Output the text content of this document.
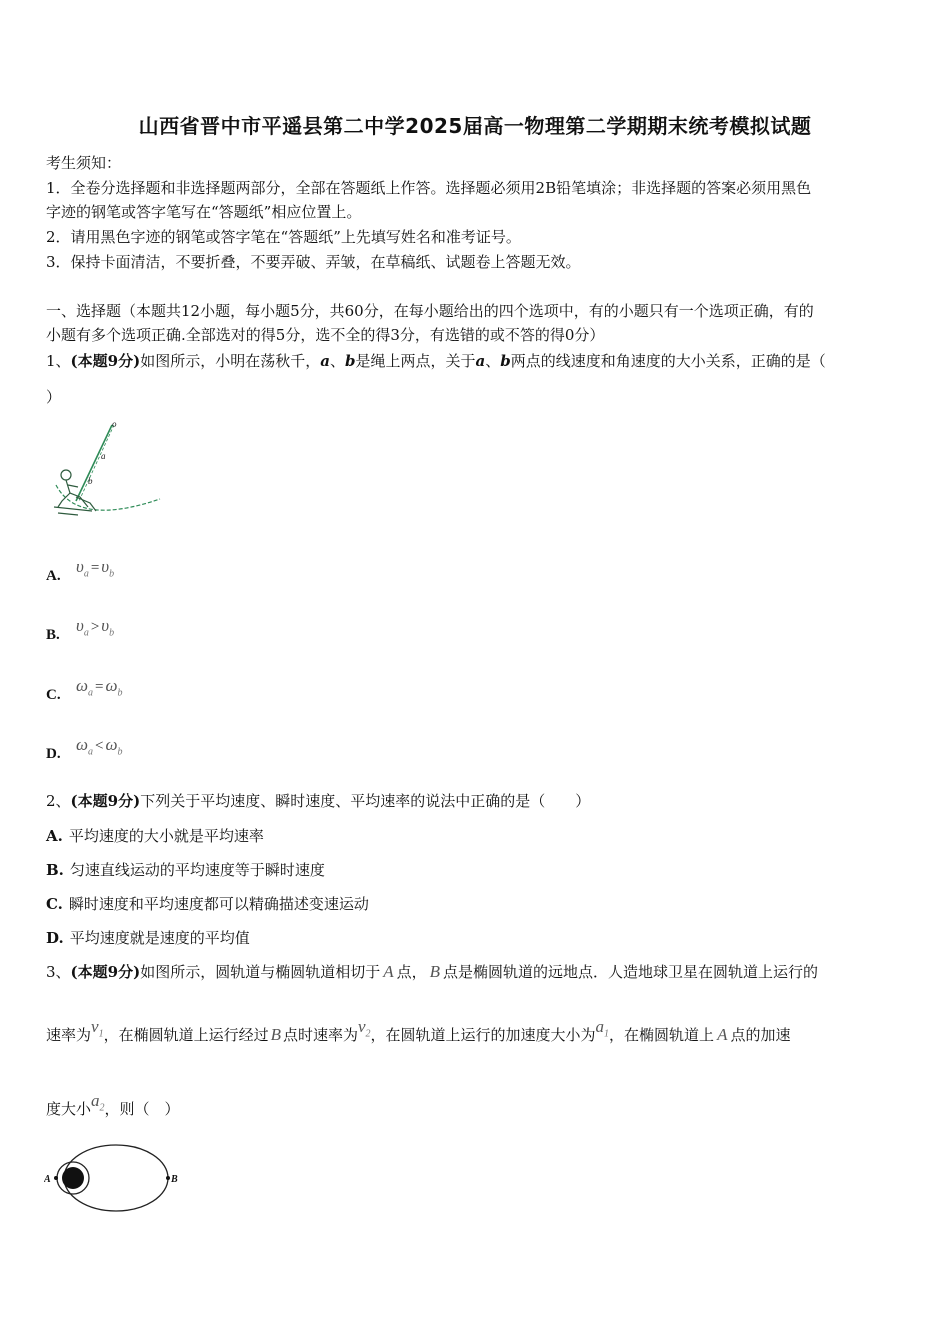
山西省晋中市平遥县第二中学2025届高一物理第二学期期末统考模拟试题
考生须知：
1．全卷分选择题和非选择题两部分，全部在答题纸上作答。选择题必须用2B铅笔填涂；非选择题的答案必须用黑色
字迹的钢笔或答字笔写在“答题纸”相应位置上。
2．请用黑色字迹的钢笔或答字笔在“答题纸”上先填写姓名和准考证号。
3．保持卡面清洁，不要折叠，不要弄破、弄皱，在草稿纸、试题卷上答题无效。
一、选择题（本题共12小题，每小题5分，共60分，在每小题给出的四个选项中，有的小题只有一个选项正确，有的
小题有多个选项正确.全部选对的得5分，选不全的得3分，有选错的或不答的得0分）
1、(本题9分)如图所示，小明在荡秋千，a、b是绳上两点，关于a、b两点的线速度和角速度的大小关系，正确的是（
）
o
a
b
A. $\upsilon_a = \upsilon_b$
B. $\upsilon_a > \upsilon_b$
C. $\omega_a = \omega_b$
D. $\omega_a < \omega_b$
2、(本题9分)下列关于平均速度、瞬时速度、平均速率的说法中正确的是（　　）
A. 平均速度的大小就是平均速率
B. 匀速直线运动的平均速度等于瞬时速度
C. 瞬时速度和平均速度都可以精确描述变速运动
D. 平均速度就是速度的平均值
3、(本题9分)如图所示，圆轨道与椭圆轨道相切于 A 点， B 点是椭圆轨道的远地点．人造地球卫星在圆轨道上运行的
速率为$v_1$，在椭圆轨道上运行经过 B 点时速率为$v_2$，在圆轨道上运行的加速度大小为$a_1$，在椭圆轨道上 A 点的加速
度大小$a_2$，则（　）
A	B
